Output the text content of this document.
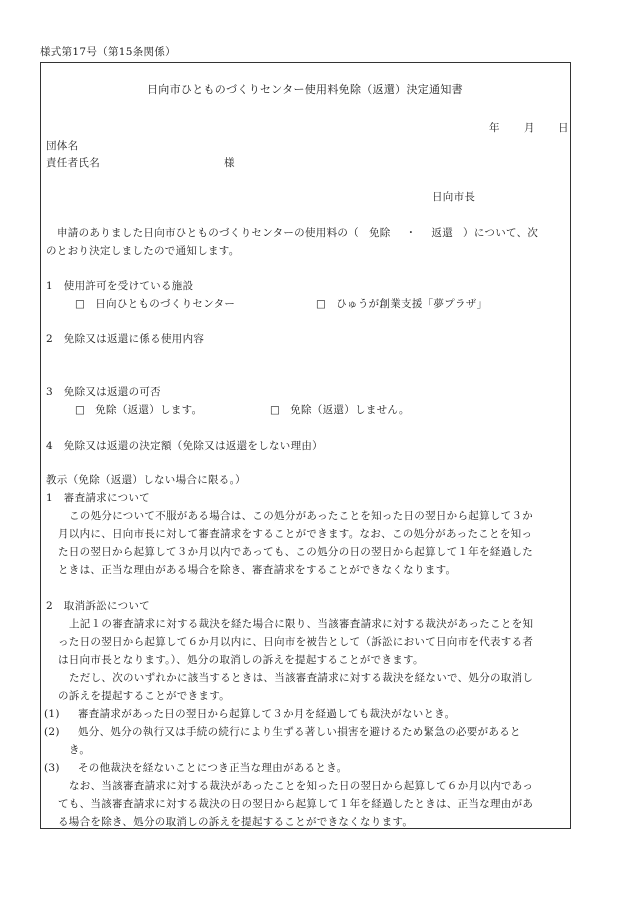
様式第17号（第15条関係）
日向市ひとものづくりセンター使用料免除（返還）決定通知書
年 月 日
団体名
責任者氏名	様
日向市長
申請のありました日向市ひとものづくりセンターの使用料の（ 免除 ・ 返還 ）について、次
のとおり決定しましたので通知します。
1　使用許可を受けている施設
□ 日向ひとものづくりセンター	□ ひゅうが創業支援「夢プラザ」
2　免除又は返還に係る使用内容
3　免除又は返還の可否
□ 免除（返還）します。	□ 免除（返還）しません。
4　免除又は返還の決定額（免除又は返還をしない理由）
教示（免除（返還）しない場合に限る。）
1　審査請求について
この処分について不服がある場合は、この処分があったことを知った日の翌日から起算して３か
月以内に、日向市長に対して審査請求をすることができます。なお、この処分があったことを知っ
た日の翌日から起算して３か月以内であっても、この処分の日の翌日から起算して１年を経過した
ときは、正当な理由がある場合を除き、審査請求をすることができなくなります。
2　取消訴訟について
上記１の審査請求に対する裁決を経た場合に限り、当該審査請求に対する裁決があったことを知
った日の翌日から起算して６か月以内に、日向市を被告として（訴訟において日向市を代表する者
は日向市長となります。）、処分の取消しの訴えを提起することができます。
ただし、次のいずれかに該当するときは、当該審査請求に対する裁決を経ないで、処分の取消し
の訴えを提起することができます。
(1) 審査請求があった日の翌日から起算して３か月を経過しても裁決がないとき。
(2) 処分、処分の執行又は手続の続行により生ずる著しい損害を避けるため緊急の必要があると
き。
(3) その他裁決を経ないことにつき正当な理由があるとき。
なお、当該審査請求に対する裁決があったことを知った日の翌日から起算して６か月以内であっ
ても、当該審査請求に対する裁決の日の翌日から起算して１年を経過したときは、正当な理由があ
る場合を除き、処分の取消しの訴えを提起することができなくなります。
